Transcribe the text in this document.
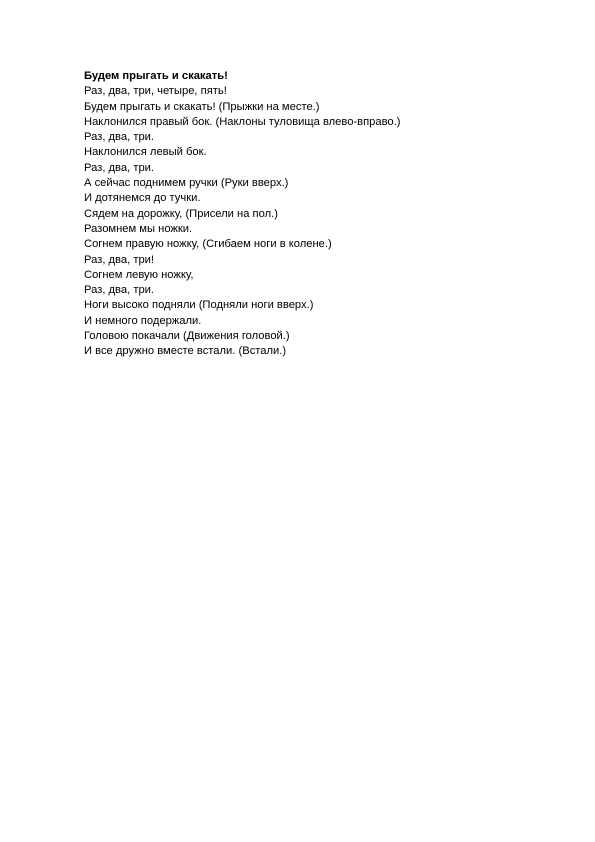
Будем прыгать и скакать!

Раз, два, три, четыре, пять!

Будем прыгать и скакать! (Прыжки на месте.)

Наклонился правый бок. (Наклоны туловища влево-вправо.)

Раз, два, три.

Наклонился левый бок.

Раз, два, три.

А сейчас поднимем ручки (Руки вверх.)

И дотянемся до тучки.

Сядем на дорожку, (Присели на пол.)

Разомнем мы ножки.

Согнем правую ножку, (Сгибаем ноги в колене.)

Раз, два, три!

Согнем левую ножку,

Раз, два, три.

Ноги высоко подняли (Подняли ноги вверх.)

И немного подержали.

Головою покачали (Движения головой.)

И все дружно вместе встали. (Встали.)
